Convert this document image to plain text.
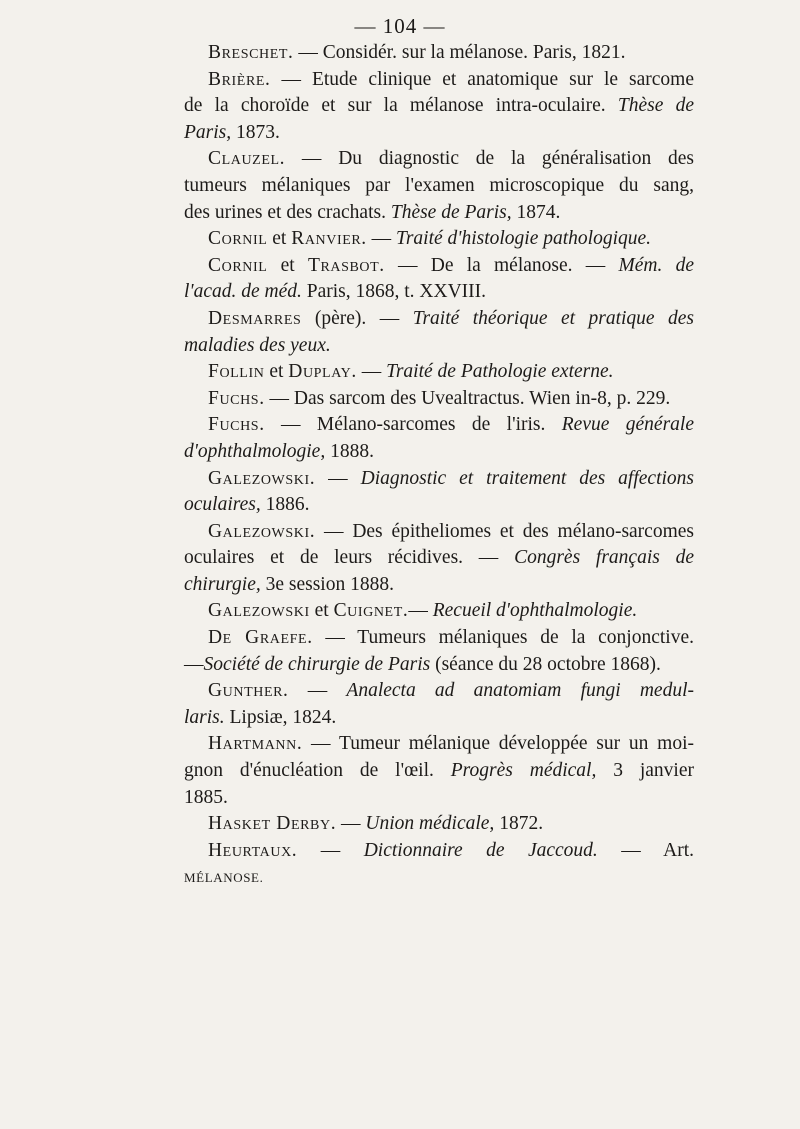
— 104 —
Breschet. — Considér. sur la mélanose. Paris, 1821.
Brière. — Etude clinique et anatomique sur le sarcome
de la choroïde et sur la mélanose intra-oculaire. Thèse de
Paris, 1873.
Clauzel. — Du diagnostic de la généralisation des
tumeurs mélaniques par l'examen microscopique du sang,
des urines et des crachats. Thèse de Paris, 1874.
Cornil et Ranvier. — Traité d'histologie pathologique.
Cornil et Trasbot. — De la mélanose. — Mém. de
l'acad. de méd. Paris, 1868, t. XXVIII.
Desmarres (père). — Traité théorique et pratique des
maladies des yeux.
Follin et Duplay. — Traité de Pathologie externe.
Fuchs. — Das sarcom des Uvealtractus. Wien in-8, p. 229.
Fuchs. — Mélano-sarcomes de l'iris. Revue générale
d'ophthalmologie, 1888.
Galezowski. — Diagnostic et traitement des affections
oculaires, 1886.
Galezowski. — Des épitheliomes et des mélano-sarcomes
oculaires et de leurs récidives. — Congrès français de
chirurgie, 3e session 1888.
Galezowski et Cuignet.— Recueil d'ophthalmologie.
De Graefe. — Tumeurs mélaniques de la conjonctive.
—Société de chirurgie de Paris (séance du 28 octobre 1868).
Gunther. — Analecta ad anatomiam fungi medul-
laris. Lipsiæ, 1824.
Hartmann. — Tumeur mélanique développée sur un moi-
gnon d'énucléation de l'œil. Progrès médical, 3 janvier
1885.
Hasket Derby. — Union médicale, 1872.
Heurtaux. — Dictionnaire de Jaccoud. — Art.
MÉLANOSE.
